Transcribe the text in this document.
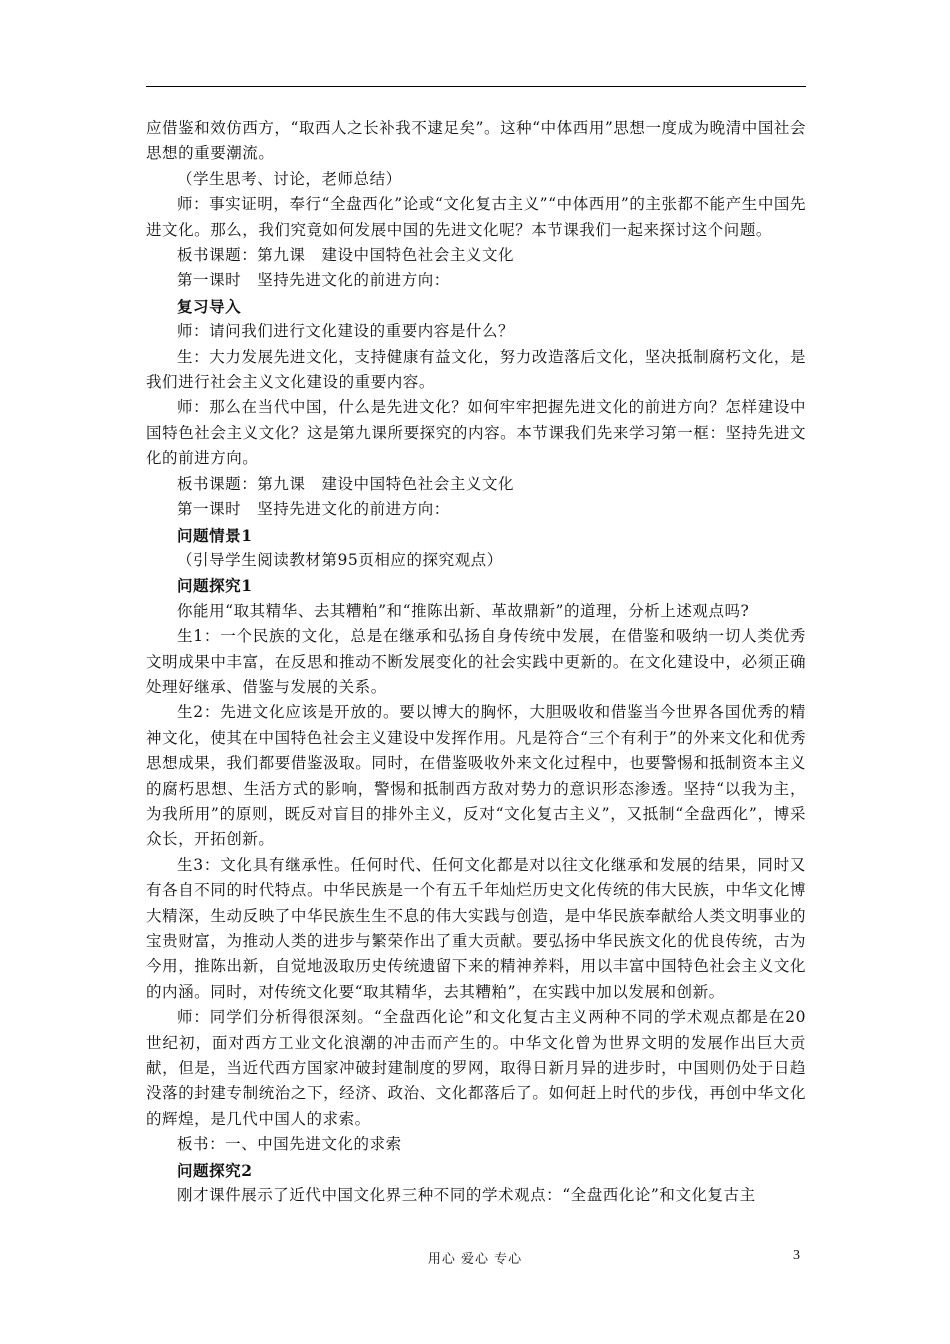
应借鉴和效仿西方，“取西人之长补我不逮足矣”。这种“中体西用”思想一度成为晚清中国社会思想的重要潮流。

（学生思考、讨论，老师总结）

师：事实证明，奉行“全盘西化”论或“文化复古主义”“中体西用”的主张都不能产生中国先进文化。那么，我们究竟如何发展中国的先进文化呢？本节课我们一起来探讨这个问题。

板书课题：第九课　建设中国特色社会主义文化

第一课时　坚持先进文化的前进方向：

复习导入

师：请问我们进行文化建设的重要内容是什么？

生：大力发展先进文化，支持健康有益文化，努力改造落后文化，坚决抵制腐朽文化，是我们进行社会主义文化建设的重要内容。

师：那么在当代中国，什么是先进文化？如何牢牢把握先进文化的前进方向？怎样建设中国特色社会主义文化？这是第九课所要探究的内容。本节课我们先来学习第一框：坚持先进文化的前进方向。

板书课题：第九课　建设中国特色社会主义文化

第一课时　坚持先进文化的前进方向：

问题情景1

（引导学生阅读教材第95页相应的探究观点）

问题探究1

你能用“取其精华、去其糟粕”和“推陈出新、革故鼎新”的道理，分析上述观点吗?

生1：一个民族的文化，总是在继承和弘扬自身传统中发展，在借鉴和吸纳一切人类优秀文明成果中丰富，在反思和推动不断发展变化的社会实践中更新的。在文化建设中，必须正确处理好继承、借鉴与发展的关系。

生2：先进文化应该是开放的。要以博大的胸怀，大胆吸收和借鉴当今世界各国优秀的精神文化，使其在中国特色社会主义建设中发挥作用。凡是符合“三个有利于”的外来文化和优秀思想成果，我们都要借鉴汲取。同时，在借鉴吸收外来文化过程中，也要警惕和抵制资本主义的腐朽思想、生活方式的影响，警惕和抵制西方敌对势力的意识形态渗透。坚持“以我为主，为我所用”的原则，既反对盲目的排外主义，反对“文化复古主义”，又抵制“全盘西化”，博采众长，开拓创新。

生3：文化具有继承性。任何时代、任何文化都是对以往文化继承和发展的结果，同时又有各自不同的时代特点。中华民族是一个有五千年灿烂历史文化传统的伟大民族，中华文化博大精深，生动反映了中华民族生生不息的伟大实践与创造，是中华民族奉献给人类文明事业的宝贵财富，为推动人类的进步与繁荣作出了重大贡献。要弘扬中华民族文化的优良传统，古为今用，推陈出新，自觉地汲取历史传统遗留下来的精神养料，用以丰富中国特色社会主义文化的内涵。同时，对传统文化要“取其精华，去其糟粕”，在实践中加以发展和创新。

师：同学们分析得很深刻。“全盘西化论”和文化复古主义两种不同的学术观点都是在20世纪初，面对西方工业文化浪潮的冲击而产生的。中华文化曾为世界文明的发展作出巨大贡献，但是，当近代西方国家冲破封建制度的罗网，取得日新月异的进步时，中国则仍处于日趋没落的封建专制统治之下，经济、政治、文化都落后了。如何赶上时代的步伐，再创中华文化的辉煌，是几代中国人的求索。

板书：一、中国先进文化的求索

问题探究2

刚才课件展示了近代中国文化界三种不同的学术观点：“全盘西化论”和文化复古主

用心 爱心 专心	3
